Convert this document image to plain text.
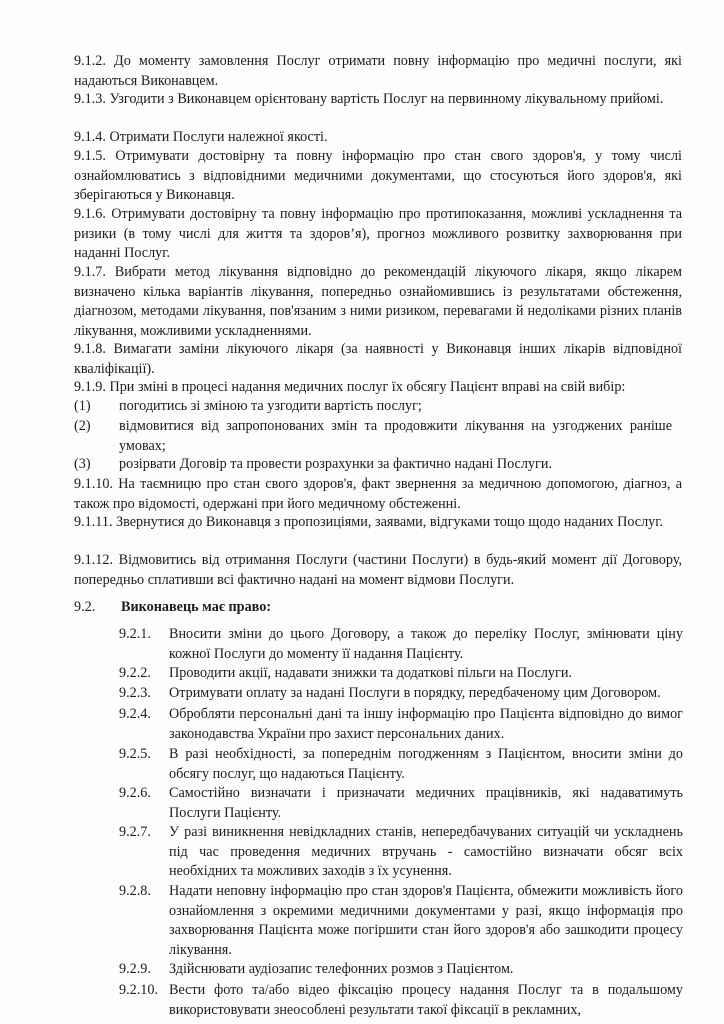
9.1.2. До моменту замовлення Послуг отримати повну інформацію про медичні послуги, які надаються Виконавцем.
9.1.3. Узгодити з Виконавцем орієнтовану вартість Послуг на первинному лікувальному прийомі.
9.1.4. Отримати Послуги належної якості.
9.1.5. Отримувати достовірну та повну інформацію про стан свого здоров'я, у тому числі ознайомлюватись з відповідними медичними документами, що стосуються його здоров'я, які зберігаються у Виконавця.
9.1.6. Отримувати достовірну та повну інформацію про протипоказання, можливі ускладнення та ризики (в тому числі для життя та здоров’я), прогноз можливого розвитку захворювання при наданні Послуг.
9.1.7. Вибрати метод лікування відповідно до рекомендацій лікуючого лікаря, якщо лікарем визначено кілька варіантів лікування, попередньо ознайомившись із результатами обстеження, діагнозом, методами лікування, пов'язаним з ними ризиком, перевагами й недоліками різних планів лікування, можливими ускладненнями.
9.1.8. Вимагати заміни лікуючого лікаря (за наявності у Виконавця інших лікарів відповідної кваліфікації).
9.1.9. При зміні в процесі надання медичних послуг їх обсягу Пацієнт вправі на свій вибір:
(1) погодитись зі зміною та узгодити вартість послуг;
(2) відмовитися від запропонованих змін та продовжити лікування на узгоджених раніше умовах;
(3) розірвати Договір та провести розрахунки за фактично надані Послуги.
9.1.10. На таємницю про стан свого здоров'я, факт звернення за медичною допомогою, діагноз, а також про відомості, одержані при його медичному обстеженні.
9.1.11. Звернутися до Виконавця з пропозиціями, заявами, відгуками тощо щодо наданих Послуг.
9.1.12. Відмовитись від отримання Послуги (частини Послуги) в будь-який момент дії Договору, попередньо сплативши всі фактично надані на момент відмови Послуги.
9.2. Виконавець має право:
9.2.1. Вносити зміни до цього Договору, а також до переліку Послуг, змінювати ціну кожної Послуги до моменту її надання Пацієнту.
9.2.2. Проводити акції, надавати знижки та додаткові пільги на Послуги.
9.2.3. Отримувати оплату за надані Послуги в порядку, передбаченому цим Договором.
9.2.4. Обробляти персональні дані та іншу інформацію про Пацієнта відповідно до вимог законодавства України про захист персональних даних.
9.2.5. В разі необхідності, за попереднім погодженням з Пацієнтом, вносити зміни до обсягу послуг, що надаються Пацієнту.
9.2.6. Самостійно визначати і призначати медичних працівників, які надаватимуть Послуги Пацієнту.
9.2.7. У разі виникнення невідкладних станів, непередбачуваних ситуацій чи ускладнень під час проведення медичних втручань - самостійно визначати обсяг всіх необхідних та можливих заходів з їх усунення.
9.2.8. Надати неповну інформацію про стан здоров'я Пацієнта, обмежити можливість його ознайомлення з окремими медичними документами у разі, якщо інформація про захворювання Пацієнта може погіршити стан його здоров'я або зашкодити процесу лікування.
9.2.9. Здійснювати аудіозапис телефонних розмов з Пацієнтом.
9.2.10. Вести фото та/або відео фіксацію процесу надання Послуг та в подальшому використовувати знеособлені результати такої фіксації в рекламних,
